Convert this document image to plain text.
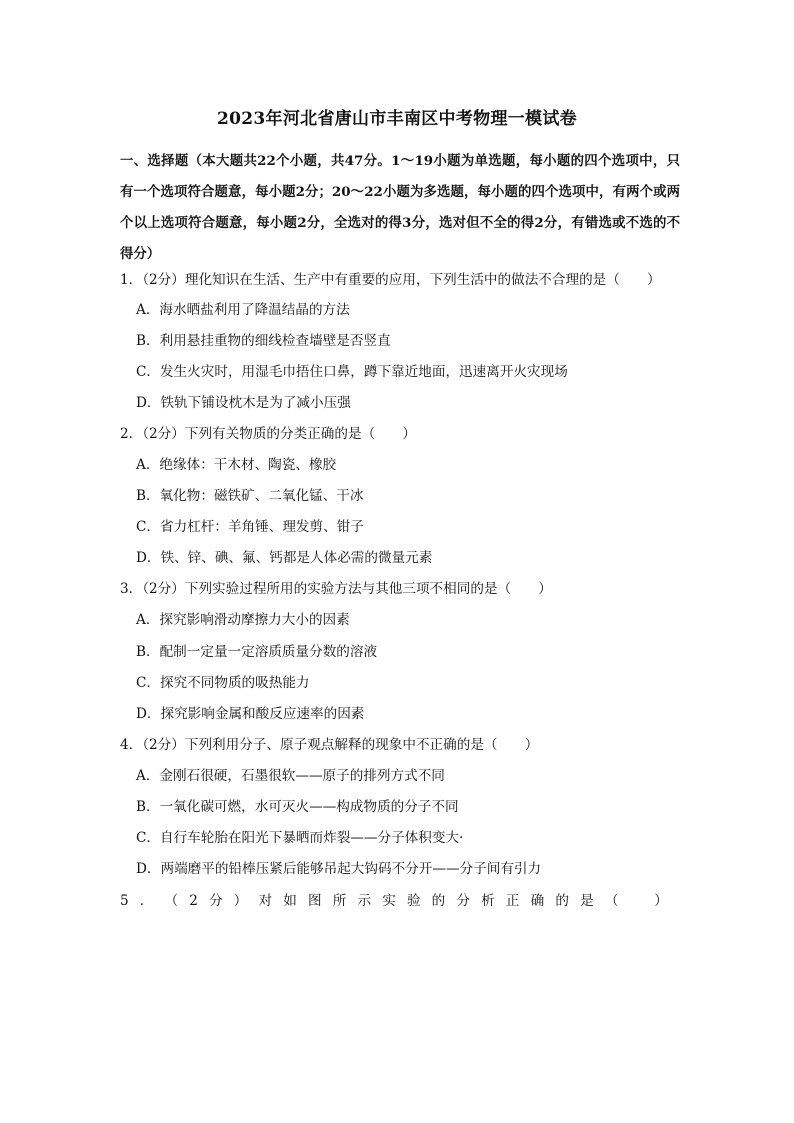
2023年河北省唐山市丰南区中考物理一模试卷
一、选择题（本大题共22个小题，共47分。1～19小题为单选题，每小题的四个选项中，只有一个选项符合题意，每小题2分；20～22小题为多选题，每小题的四个选项中，有两个或两个以上选项符合题意，每小题2分，全选对的得3分，选对但不全的得2分，有错选或不选的不得分）
1．（2分）理化知识在生活、生产中有重要的应用，下列生活中的做法不合理的是（　　）
A．海水晒盐利用了降温结晶的方法
B．利用悬挂重物的细线检查墙壁是否竖直
C．发生火灾时，用湿毛巾捂住口鼻，蹲下靠近地面，迅速离开火灾现场
D．铁轨下铺设枕木是为了减小压强
2．（2分）下列有关物质的分类正确的是（　　）
A．绝缘体：干木材、陶瓷、橡胶
B．氧化物：磁铁矿、二氧化锰、干冰
C．省力杠杆：羊角锤、理发剪、钳子
D．铁、锌、碘、氟、钙都是人体必需的微量元素
3．（2分）下列实验过程所用的实验方法与其他三项不相同的是（　　）
A．探究影响滑动摩擦力大小的因素
B．配制一定量一定溶质质量分数的溶液
C．探究不同物质的吸热能力
D．探究影响金属和酸反应速率的因素
4．（2分）下列利用分子、原子观点解释的现象中不正确的是（　　）
A．金刚石很硬，石墨很软——原子的排列方式不同
B．一氧化碳可燃，水可灭火——构成物质的分子不同
C．自行车轮胎在阳光下暴晒而炸裂——分子体积变大·
D．两端磨平的铅棒压紧后能够吊起大钩码不分开——分子间有引力
5 ． （ 2 分 ） 对 如 图 所 示 实 验 的 分 析 正 确 的 是 （
　	）
